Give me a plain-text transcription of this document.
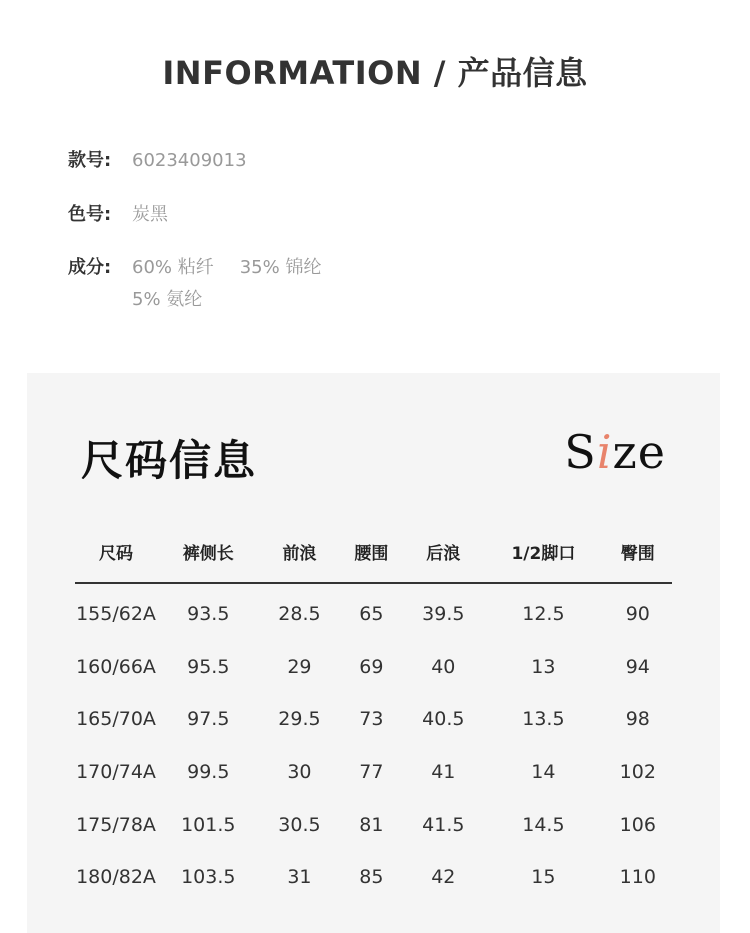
INFORMATION / 产品信息
款号: 6023409013
色号: 炭黑
成分: 60% 粘纤 35% 锦纶
5% 氨纶
尺码信息	Size
尺码	裤侧长	前浪	腰围	后浪	1/2脚口	臀围
155/62A	93.5	28.5	65	39.5	12.5	90
160/66A	95.5	29	69	40	13	94
165/70A	97.5	29.5	73	40.5	13.5	98
170/74A	99.5	30	77	41	14	102
175/78A	101.5	30.5	81	41.5	14.5	106
180/82A	103.5	31	85	42	15	110
